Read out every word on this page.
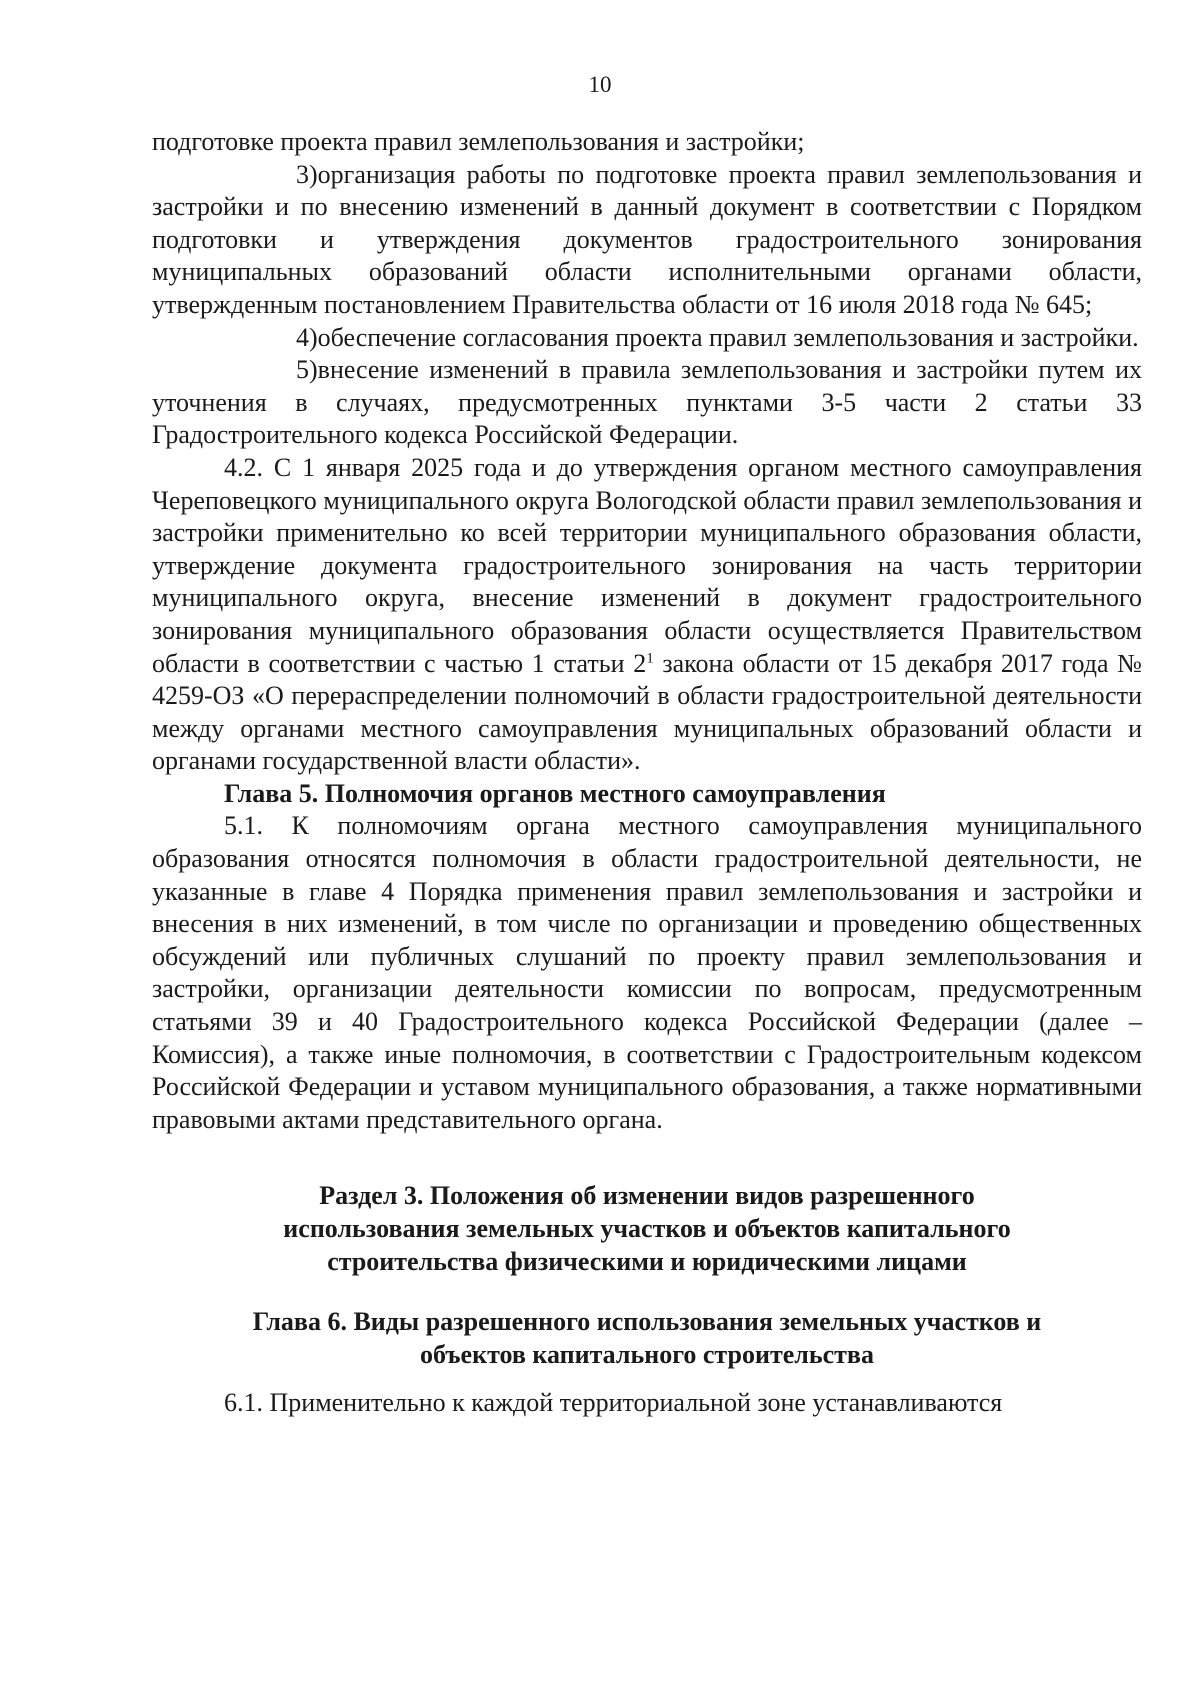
10

подготовке проекта правил землепользования и застройки;

3)организация работы по подготовке проекта правил землепользования и застройки и по внесению изменений в данный документ в соответствии с Порядком подготовки и утверждения документов градостроительного зонирования муниципальных образований области исполнительными органами области, утвержденным постановлением Правительства области от 16 июля 2018 года № 645;

4)обеспечение согласования проекта правил землепользования и застройки.

5)внесение изменений в правила землепользования и застройки путем их уточнения в случаях, предусмотренных пунктами 3-5 части 2 статьи 33 Градостроительного кодекса Российской Федерации.

4.2. С 1 января 2025 года и до утверждения органом местного самоуправления Череповецкого муниципального округа Вологодской области правил землепользования и застройки применительно ко всей территории муниципального образования области, утверждение документа градостроительного зонирования на часть территории муниципального округа, внесение изменений в документ градостроительного зонирования муниципального образования области осуществляется Правительством области в соответствии с частью 1 статьи $2^1$ закона области от 15 декабря 2017 года № 4259-ОЗ «О перераспределении полномочий в области градостроительной деятельности между органами местного самоуправления муниципальных образований области и органами государственной власти области».

Глава 5. Полномочия органов местного самоуправления

5.1. К полномочиям органа местного самоуправления муниципального образования относятся полномочия в области градостроительной деятельности, не указанные в главе 4 Порядка применения правил землепользования и застройки и внесения в них изменений, в том числе по организации и проведению общественных обсуждений или публичных слушаний по проекту правил землепользования и застройки, организации деятельности комиссии по вопросам, предусмотренным статьями 39 и 40 Градостроительного кодекса Российской Федерации (далее – Комиссия), а также иные полномочия, в соответствии с Градостроительным кодексом Российской Федерации и уставом муниципального образования, а также нормативными правовыми актами представительного органа.

Раздел 3. Положения об изменении видов разрешенного
использования земельных участков и объектов капитального
строительства физическими и юридическими лицами
Глава 6. Виды разрешенного использования земельных участков и
объектов капитального строительства

6.1. Применительно к каждой территориальной зоне устанавливаются
